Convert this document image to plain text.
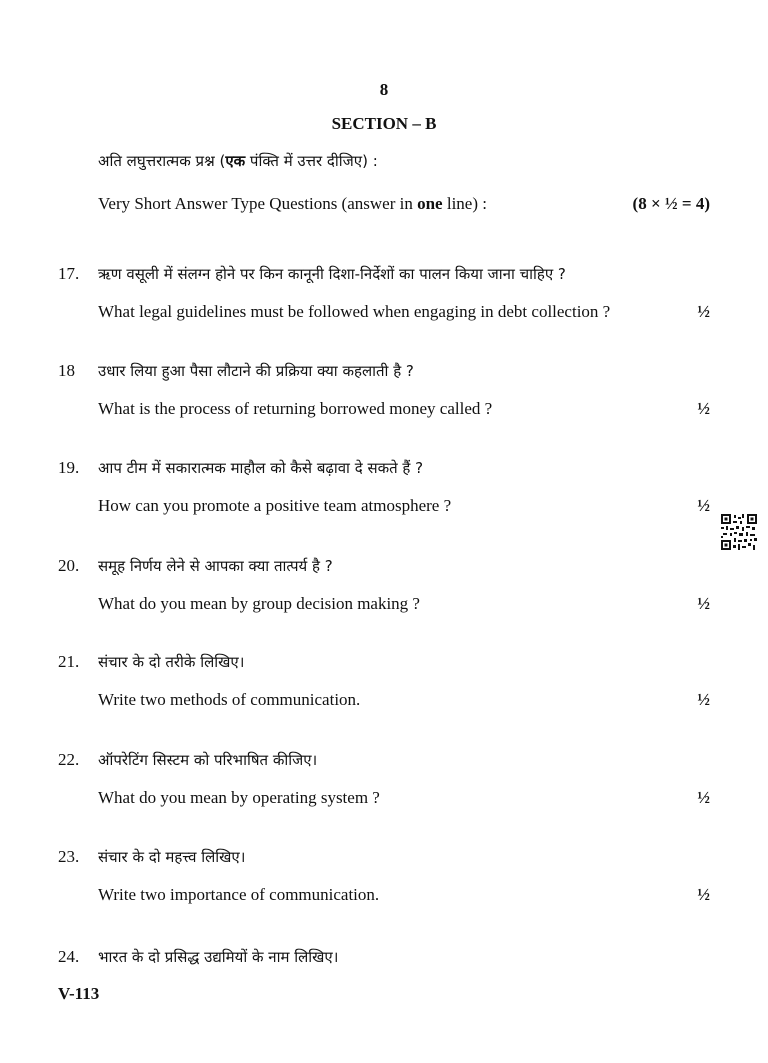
8
SECTION – B
अति लघुत्तरात्मक प्रश्न (एक पंक्ति में उत्तर दीजिए) :
Very Short Answer Type Questions (answer in one line) :	(8 × ½ = 4)
17. ऋण वसूली में संलग्न होने पर किन कानूनी दिशा-निर्देशों का पालन किया जाना चाहिए ?
What legal guidelines must be followed when engaging in debt collection ?	½
18 उधार लिया हुआ पैसा लौटाने की प्रक्रिया क्या कहलाती है ?
What is the process of returning borrowed money called ?	½
19. आप टीम में सकारात्मक माहौल को कैसे बढ़ावा दे सकते हैं ?
How can you promote a positive team atmosphere ?	½
20. समूह निर्णय लेने से आपका क्या तात्पर्य है ?
What do you mean by group decision making ?	½
21. संचार के दो तरीके लिखिए।
Write two methods of communication.	½
22. ऑपरेटिंग सिस्टम को परिभाषित कीजिए।
What do you mean by operating system ?	½
23. संचार के दो महत्त्व लिखिए।
Write two importance of communication.	½
24. भारत के दो प्रसिद्ध उद्यमियों के नाम लिखिए।
V-113
